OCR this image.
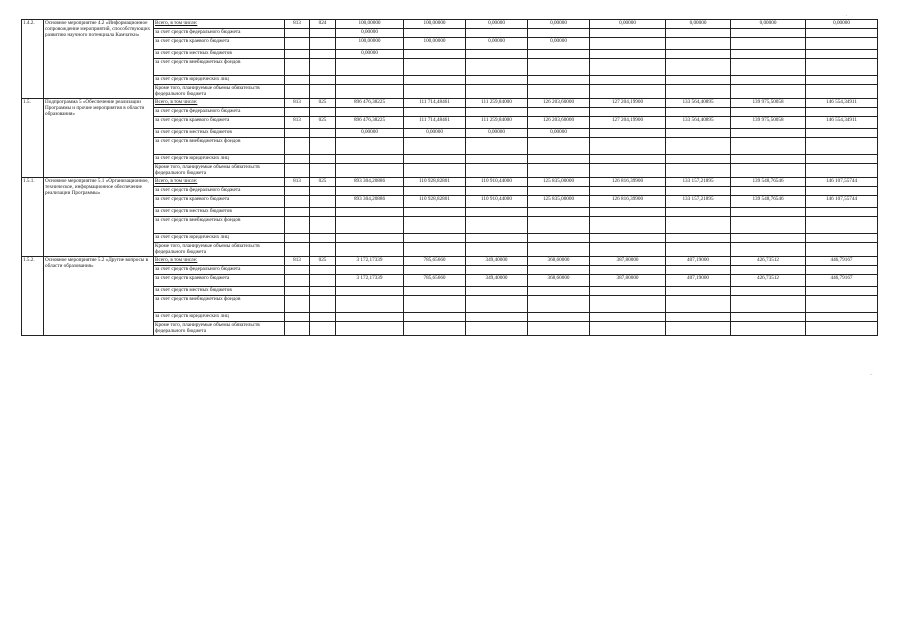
1.4.2.	Основное мероприятие 4.2 «Информационное сопровождение мероприятий, способствующих развитию научного потенциала Камчатки»	Всего, в том числе:	813	024	100,00000	100,00000	0,00000	0,00000	0,00000	0,00000	0,00000	0,00000
		за счет средств федерального бюджета			0,00000							
		за счет средств краевого бюджета			100,00000	100,00000	0,00000	0,00000				
		за счет средств местных бюджетов			0,00000							
		за счет средств внебюджетных фондов										
		за счет средств юридических лиц										
		Кроме того, планируемые объемы обязательств федерального бюджета										
1.5.	Подпрограмма 5 «Обеспечение реализации Программы и прочие мероприятия в области образования»	Всего, в том числе:	813	025	896 476,38225	111 714,48461	111 259,84000	126 203,60000	127 204,19900	133 564,40895	139 975,50058	146 554,34911
		за счет средств федерального бюджета										
		за счет средств краевого бюджета	813	025	896 476,38225	111 714,48461	111 259,84000	126 203,60000	127 204,19900	133 564,40895	139 975,50058	146 554,34911
		за счет средств местных бюджетов			0,00000	0,00000	0,00000	0,00000				
		за счет средств внебюджетных фондов										
		за счет средств юридических лиц										
		Кроме того, планируемые объемы обязательств федерального бюджета										
1.5.1.	Основное мероприятие 5.1 «Организационное, техническое, информационное обеспечение реализации Программы»	Всего, в том числе:	813	025	893 304,20886	110 928,82801	110 910,44000	125 835,00000	126 816,39900	133 157,21895	139 548,76546	146 107,55744
		за счет средств федерального бюджета										
		за счет средств краевого бюджета			893 304,20886	110 928,82801	110 910,44000	125 835,00000	126 816,39900	133 157,21895	139 548,76546	146 107,55744
		за счет средств местных бюджетов										
		за счет средств внебюджетных фондов										
		за счет средств юридических лиц										
		Кроме того, планируемые объемы обязательств федерального бюджета										
1.5.2.	Основное мероприятие 5.2 «Другие вопросы в области образования»	Всего, в том числе:	813	025	3 172,17339	785,65660	349,40000	368,60000	387,80000	407,19000	426,73512	446,79167
		за счет средств федерального бюджета										
		за счет средств краевого бюджета			3 172,17339	785,65660	349,40000	368,60000	387,80000	407,19000	426,73512	446,79167
		за счет средств местных бюджетов										
		за счет средств внебюджетных фондов										
		за счет средств юридических лиц										
		Кроме того, планируемые объемы обязательств федерального бюджета										
.
..
